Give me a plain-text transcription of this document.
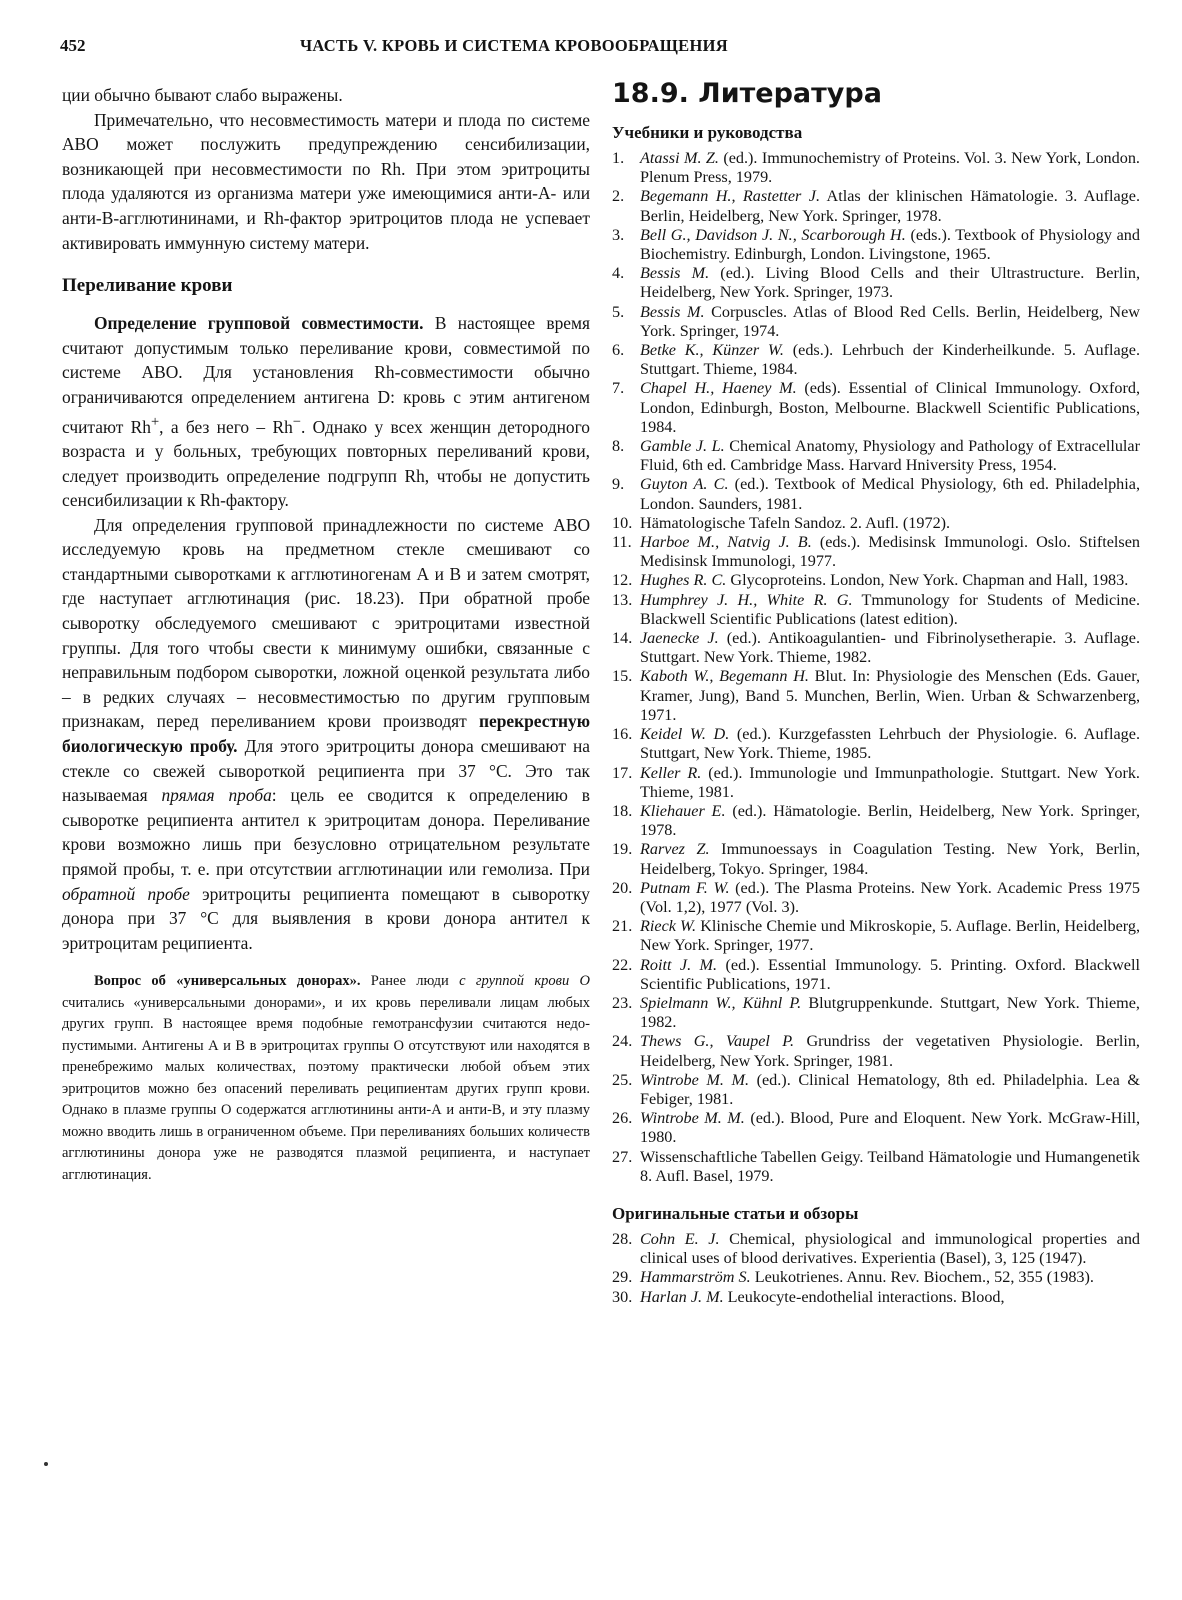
452	ЧАСТЬ V. КРОВЬ И СИСТЕМА КРОВООБРАЩЕНИЯ

ции обычно бывают слабо выражены.

Примечательно, что несовместимость матери и плода по системе АВО может послужить предупреждению сенсибилизации, возникающей при несовместимости по Rh. При этом эритроциты плода удаляются из организма матери уже имеющимися анти-А- или анти-В-агглютининами, и Rh-фактор эритроцитов плода не успевает активировать иммунную систему матери.

Переливание крови

Определение групповой совместимости. В настоящее время считают допустимым только переливание крови, совместимой по системе АВО. Для установления Rh-совместимости обычно ограничиваются определением антигена D: кровь с этим антигеном считают Rh+, а без него – Rh−. Однако у всех женщин детородного возраста и у больных, требующих повторных переливаний крови, следует производить определение подгрупп Rh, чтобы не допустить сенсибилизации к Rh-фактору.

Для определения групповой принадлежности по системе АВО исследуемую кровь на предметном стекле смешивают со стандартными сыворотками к агглютиногенам А и В и затем смотрят, где наступает агглютинация (рис. 18.23). При обратной пробе сыворотку обследуемого смешивают с эритроцитами известной группы. Для того чтобы свести к минимуму ошибки, связанные с неправильным подбором сыворотки, ложной оценкой результата либо – в редких случаях – несовместимостью по другим групповым признакам, перед переливанием крови производят перекрестную биологическую пробу. Для этого эритроциты донора смешивают на стекле со свежей сывороткой реципиента при 37 °С. Это так называемая прямая проба: цель ее сводится к определению в сыворотке реципиента антител к эритроцитам донора. Переливание крови возможно лишь при безусловно отрицательном результате прямой пробы, т. е. при отсутствии агглютинации или гемолиза. При обратной пробе эритроциты реципиента помещают в сыворотку донора при 37 °С для выявления в крови донора антител к эритроцитам реципиента.

Вопрос об «универсальных донорах». Ранее люди с группой крови О считались «универсальными донорами», и их кровь переливали лицам любых других групп. В настоящее время подобные гемотрансфузии считаются недопустимыми. Антигены А и В в эритроцитах группы О отсутствуют или находятся в пренебрежимо малых количествах, поэтому практически любой объем этих эритроцитов можно без опасений переливать реципиентам других групп крови. Однако в плазме группы О содержатся агглютинины анти-А и анти-В, и эту плазму можно вводить лишь в ограниченном объеме. При переливаниях больших количеств агглютинины донора уже не разводятся плазмой реципиента, и наступает агглютинация.

18.9. Литература
Учебники и руководства
1. Atassi M. Z. (ed.). Immunochemistry of Proteins. Vol. 3. New York, London. Plenum Press, 1979.
2. Begemann H., Rastetter J. Atlas der klinischen Hämatologie. 3. Auflage. Berlin, Heidelberg, New York. Springer, 1978.
3. Bell G., Davidson J. N., Scarborough H. (eds.). Textbook of Physiology and Biochemistry. Edinburgh, London. Livingstone, 1965.
4. Bessis M. (ed.). Living Blood Cells and their Ultrastructure. Berlin, Heidelberg, New York. Springer, 1973.
5. Bessis M. Corpuscles. Atlas of Blood Red Cells. Berlin, Heidelberg, New York. Springer, 1974.
6. Betke K., Künzer W. (eds.). Lehrbuch der Kinderheilkunde. 5. Auflage. Stuttgart. Thieme, 1984.
7. Chapel H., Haeney M. (eds). Essential of Clinical Immunology. Oxford, London, Edinburgh, Boston, Melbourne. Blackwell Scientific Publications, 1984.
8. Gamble J. L. Chemical Anatomy, Physiology and Pathology of Extracellular Fluid, 6th ed. Cambridge Mass. Harvard Hniversity Press, 1954.
9. Guyton A. C. (ed.). Textbook of Medical Physiology, 6th ed. Philadelphia, London. Saunders, 1981.
10. Hämatologische Tafeln Sandoz. 2. Aufl. (1972).
11. Harboe M., Natvig J. B. (eds.). Medisinsk Immunologi. Oslo. Stiftelsen Medisinsk Immunologi, 1977.
12. Hughes R. C. Glycoproteins. London, New York. Chapman and Hall, 1983.
13. Humphrey J. H., White R. G. Tmmunology for Students of Medicine. Blackwell Scientific Publications (latest edition).
14. Jaenecke J. (ed.). Antikoagulantien- und Fibrinolysetherapie. 3. Auflage. Stuttgart. New York. Thieme, 1982.
15. Kaboth W., Begemann H. Blut. In: Physiologie des Menschen (Eds. Gauer, Kramer, Jung), Band 5. Munchen, Berlin, Wien. Urban & Schwarzenberg, 1971.
16. Keidel W. D. (ed.). Kurzgefassten Lehrbuch der Physiologie. 6. Auflage. Stuttgart, New York. Thieme, 1985.
17. Keller R. (ed.). Immunologie und Immunpathologie. Stuttgart. New York. Thieme, 1981.
18. Kliehauer E. (ed.). Hämatologie. Berlin, Heidelberg, New York. Springer, 1978.
19. Rarvez Z. Immunoessays in Coagulation Testing. New York, Berlin, Heidelberg, Tokyo. Springer, 1984.
20. Putnam F. W. (ed.). The Plasma Proteins. New York. Academic Press 1975 (Vol. 1,2), 1977 (Vol. 3).
21. Rieck W. Klinische Chemie und Mikroskopie, 5. Auflage. Berlin, Heidelberg, New York. Springer, 1977.
22. Roitt J. M. (ed.). Essential Immunology. 5. Printing. Oxford. Blackwell Scientific Publications, 1971.
23. Spielmann W., Kühnl P. Blutgruppenkunde. Stuttgart, New York. Thieme, 1982.
24. Thews G., Vaupel P. Grundriss der vegetativen Physiologie. Berlin, Heidelberg, New York. Springer, 1981.
25. Wintrobe M. M. (ed.). Clinical Hematology, 8th ed. Philadelphia. Lea & Febiger, 1981.
26. Wintrobe M. M. (ed.). Blood, Pure and Eloquent. New York. McGraw-Hill, 1980.
27. Wissenschaftliche Tabellen Geigy. Teilband Hämatologie und Humangenetik 8. Aufl. Basel, 1979.
Оригинальные статьи и обзоры
28. Cohn E. J. Chemical, physiological and immunological properties and clinical uses of blood derivatives. Experientia (Basel), 3, 125 (1947).
29. Hammarström S. Leukotrienes. Annu. Rev. Biochem., 52, 355 (1983).
30. Harlan J. M. Leukocyte-endothelial interactions. Blood,
